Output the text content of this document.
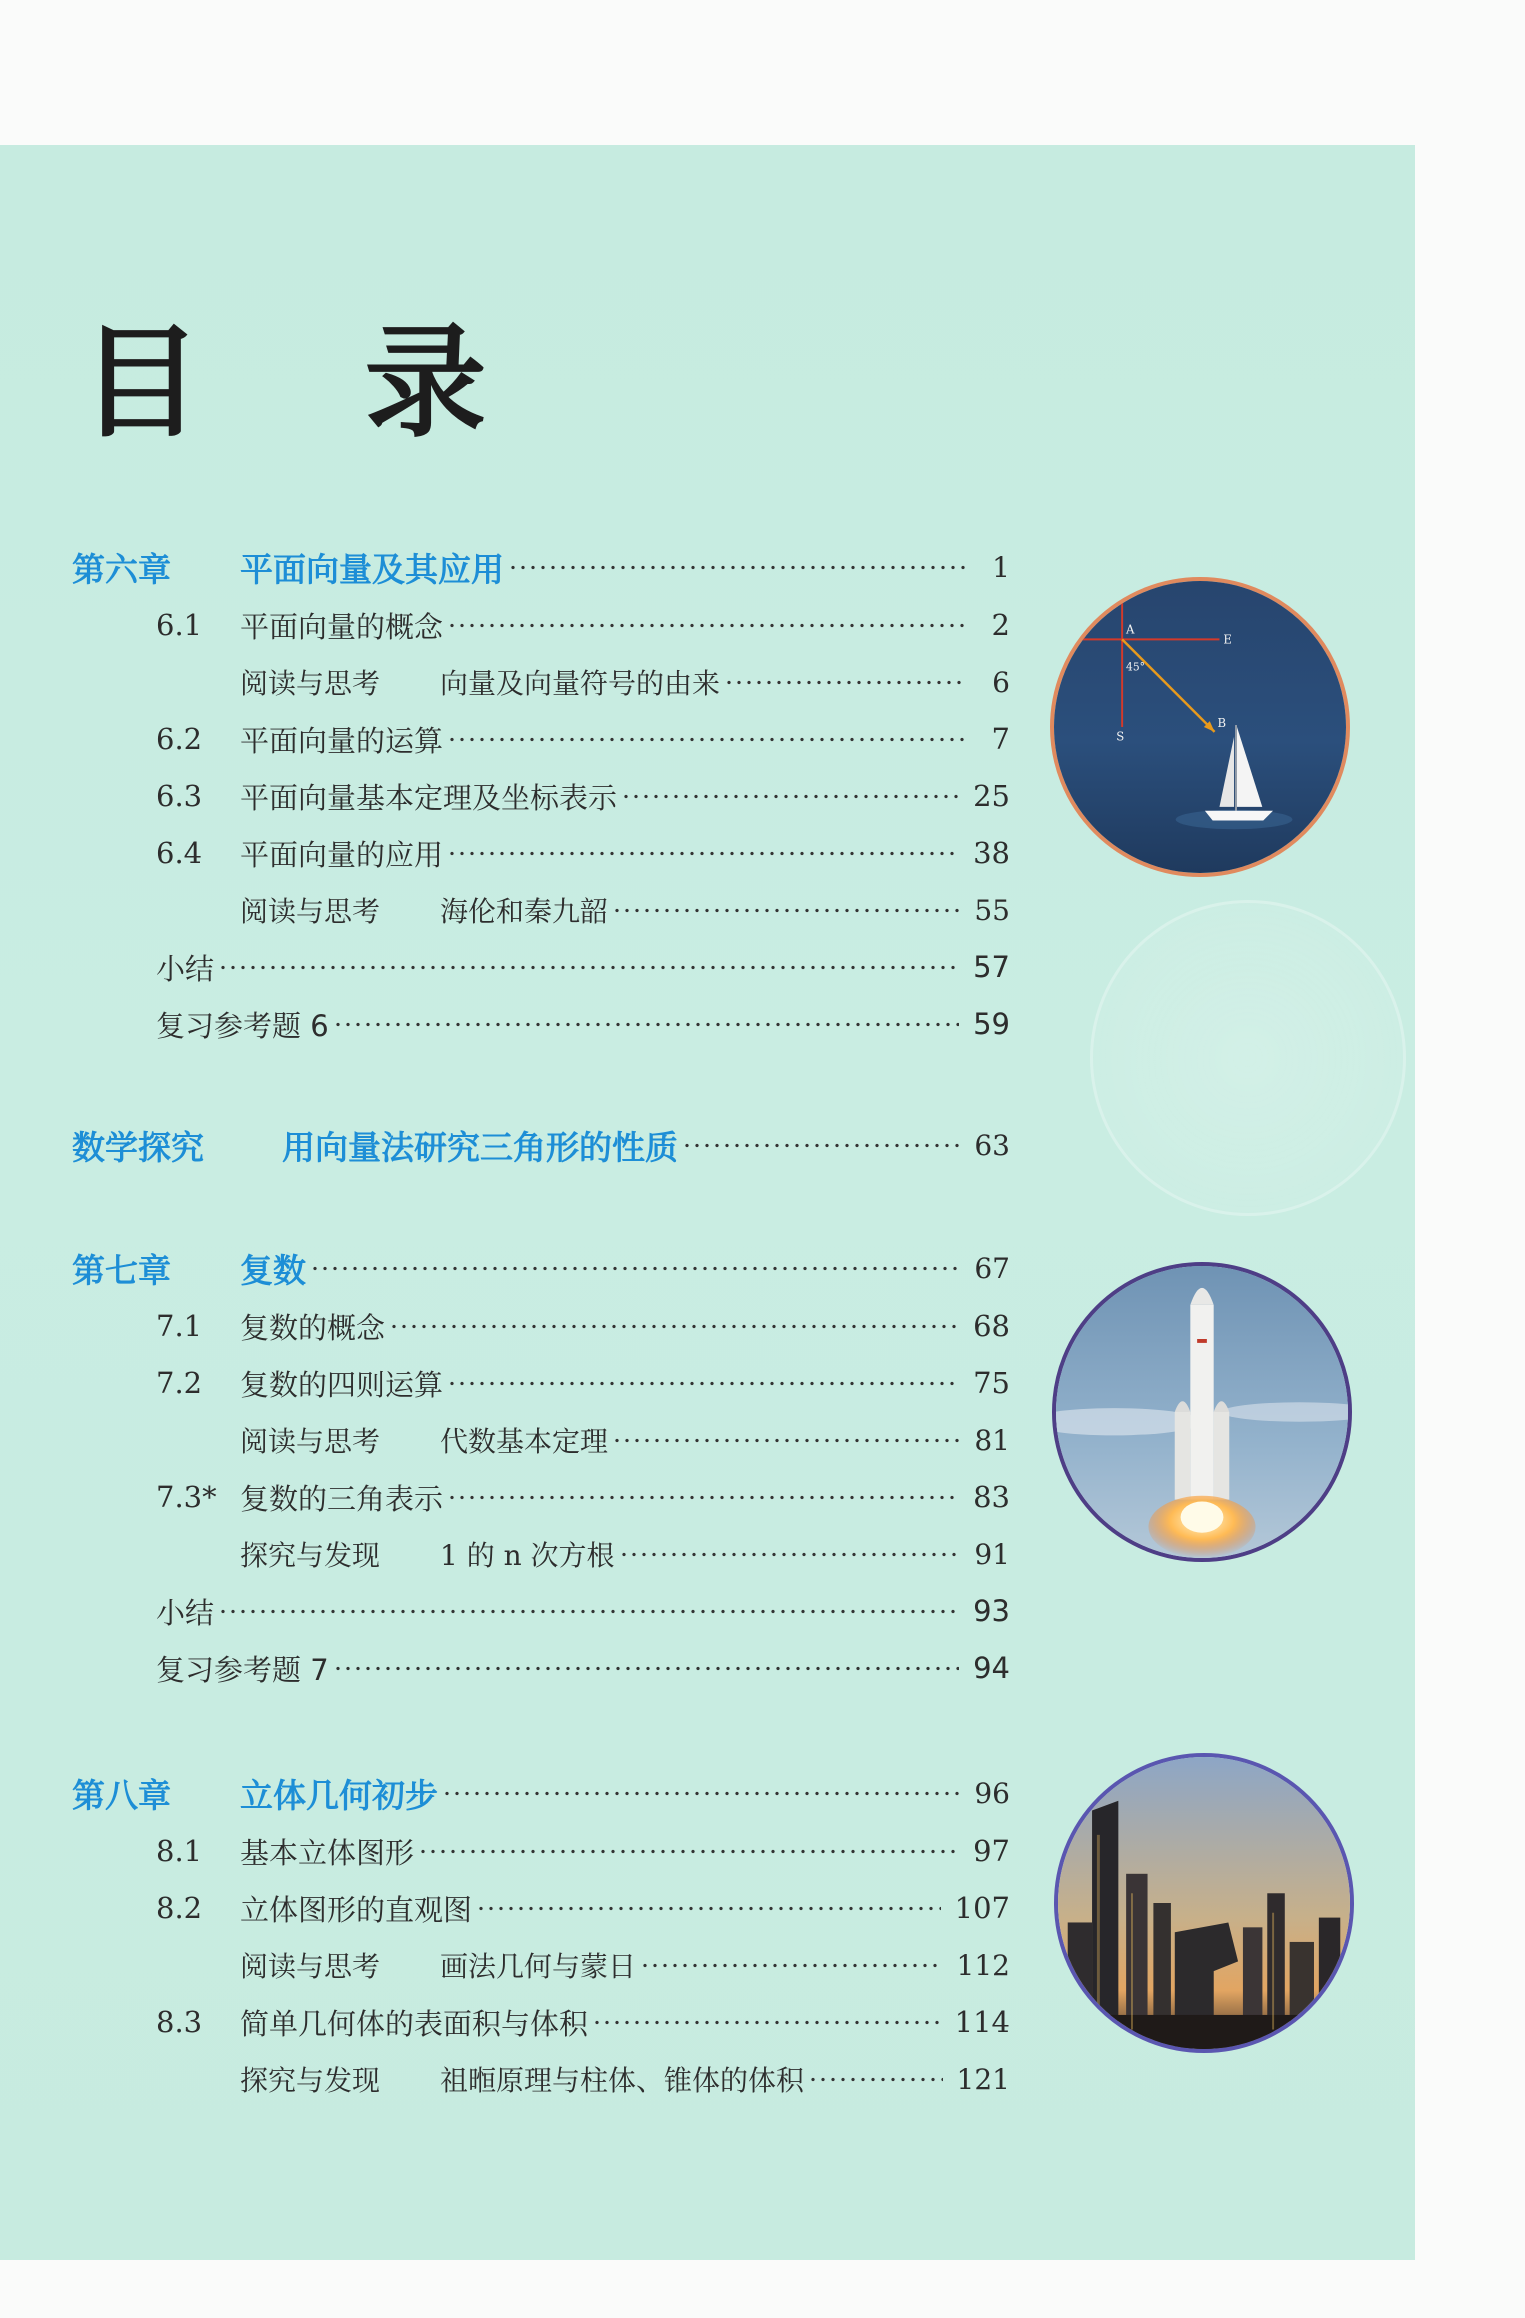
目 录
第六章	平面向量及其应用	1
6.1	平面向量的概念	2
阅读与思考	向量及向量符号的由来	6
6.2	平面向量的运算	7
6.3	平面向量基本定理及坐标表示	25
6.4	平面向量的应用	38
阅读与思考	海伦和秦九韶	55
小结	57
复习参考题 6	59
数学探究	用向量法研究三角形的性质	63
第七章	复数	67
7.1	复数的概念	68
7.2	复数的四则运算	75
阅读与思考	代数基本定理	81
7.3* 复数的三角表示	83
探究与发现	1 的 n 次方根	91
小结	93
复习参考题 7	94
第八章	立体几何初步	96
8.1	基本立体图形	97
8.2	立体图形的直观图	107
阅读与思考	画法几何与蒙日	112
8.3	简单几何体的表面积与体积	114
探究与发现	祖暅原理与柱体、锥体的体积	121
S
E
A
B
45°
